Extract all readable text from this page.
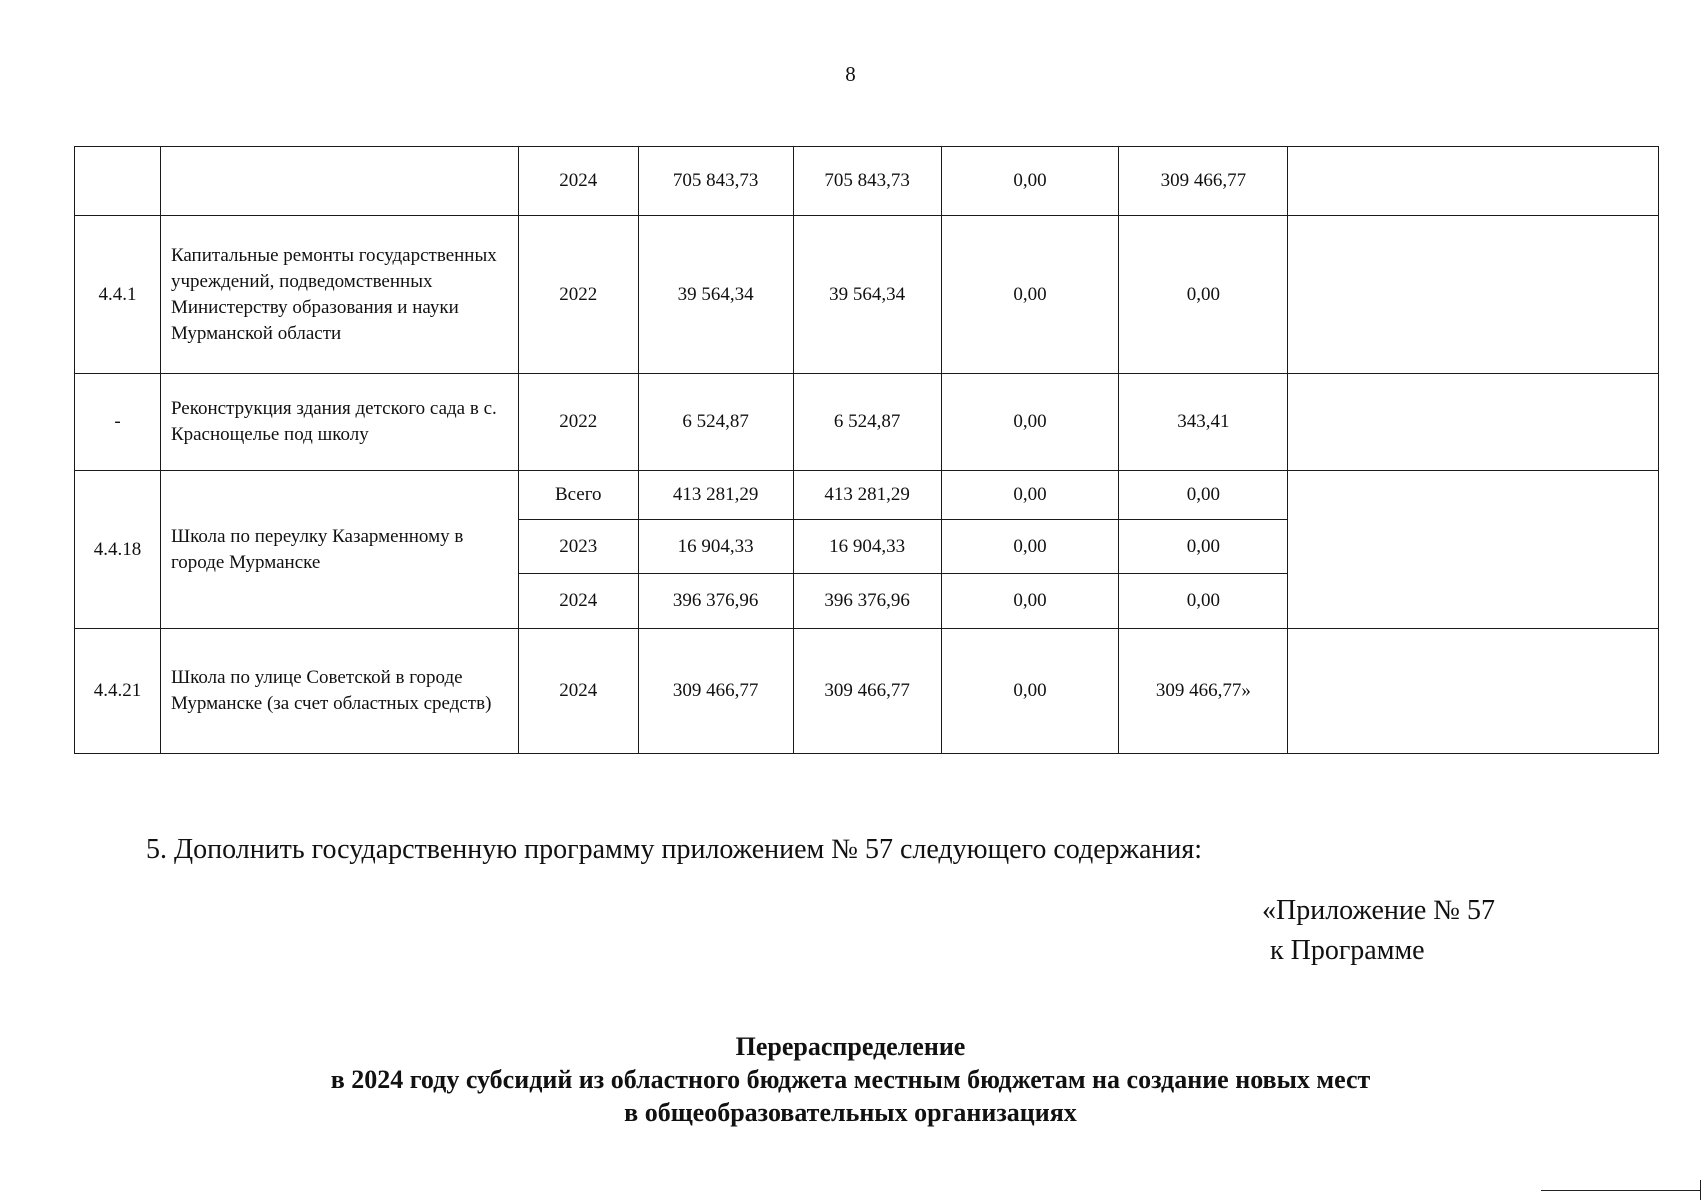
8
		2024	705 843,73	705 843,73	0,00	309 466,77	
4.4.1	Капитальные ремонты государственных учреждений, подведомственных Министерству образования и науки Мурманской области	2022	39 564,34	39 564,34	0,00	0,00	
-	Реконструкция здания детского сада в с. Краснощелье под школу	2022	6 524,87	6 524,87	0,00	343,41	
4.4.18	Школа по переулку Казарменному в городе Мурманске	Всего	413 281,29	413 281,29	0,00	0,00	
		2023	16 904,33	16 904,33	0,00	0,00	
		2024	396 376,96	396 376,96	0,00	0,00	
4.4.21	Школа по улице Советской в городе Мурманске (за счет областных средств)	2024	309 466,77	309 466,77	0,00	309 466,77»	
5. Дополнить государственную программу приложением № 57 следующего содержания:
«Приложение № 57
к Программе
Перераспределение
в 2024 году субсидий из областного бюджета местным бюджетам на создание новых мест
в общеобразовательных организациях
